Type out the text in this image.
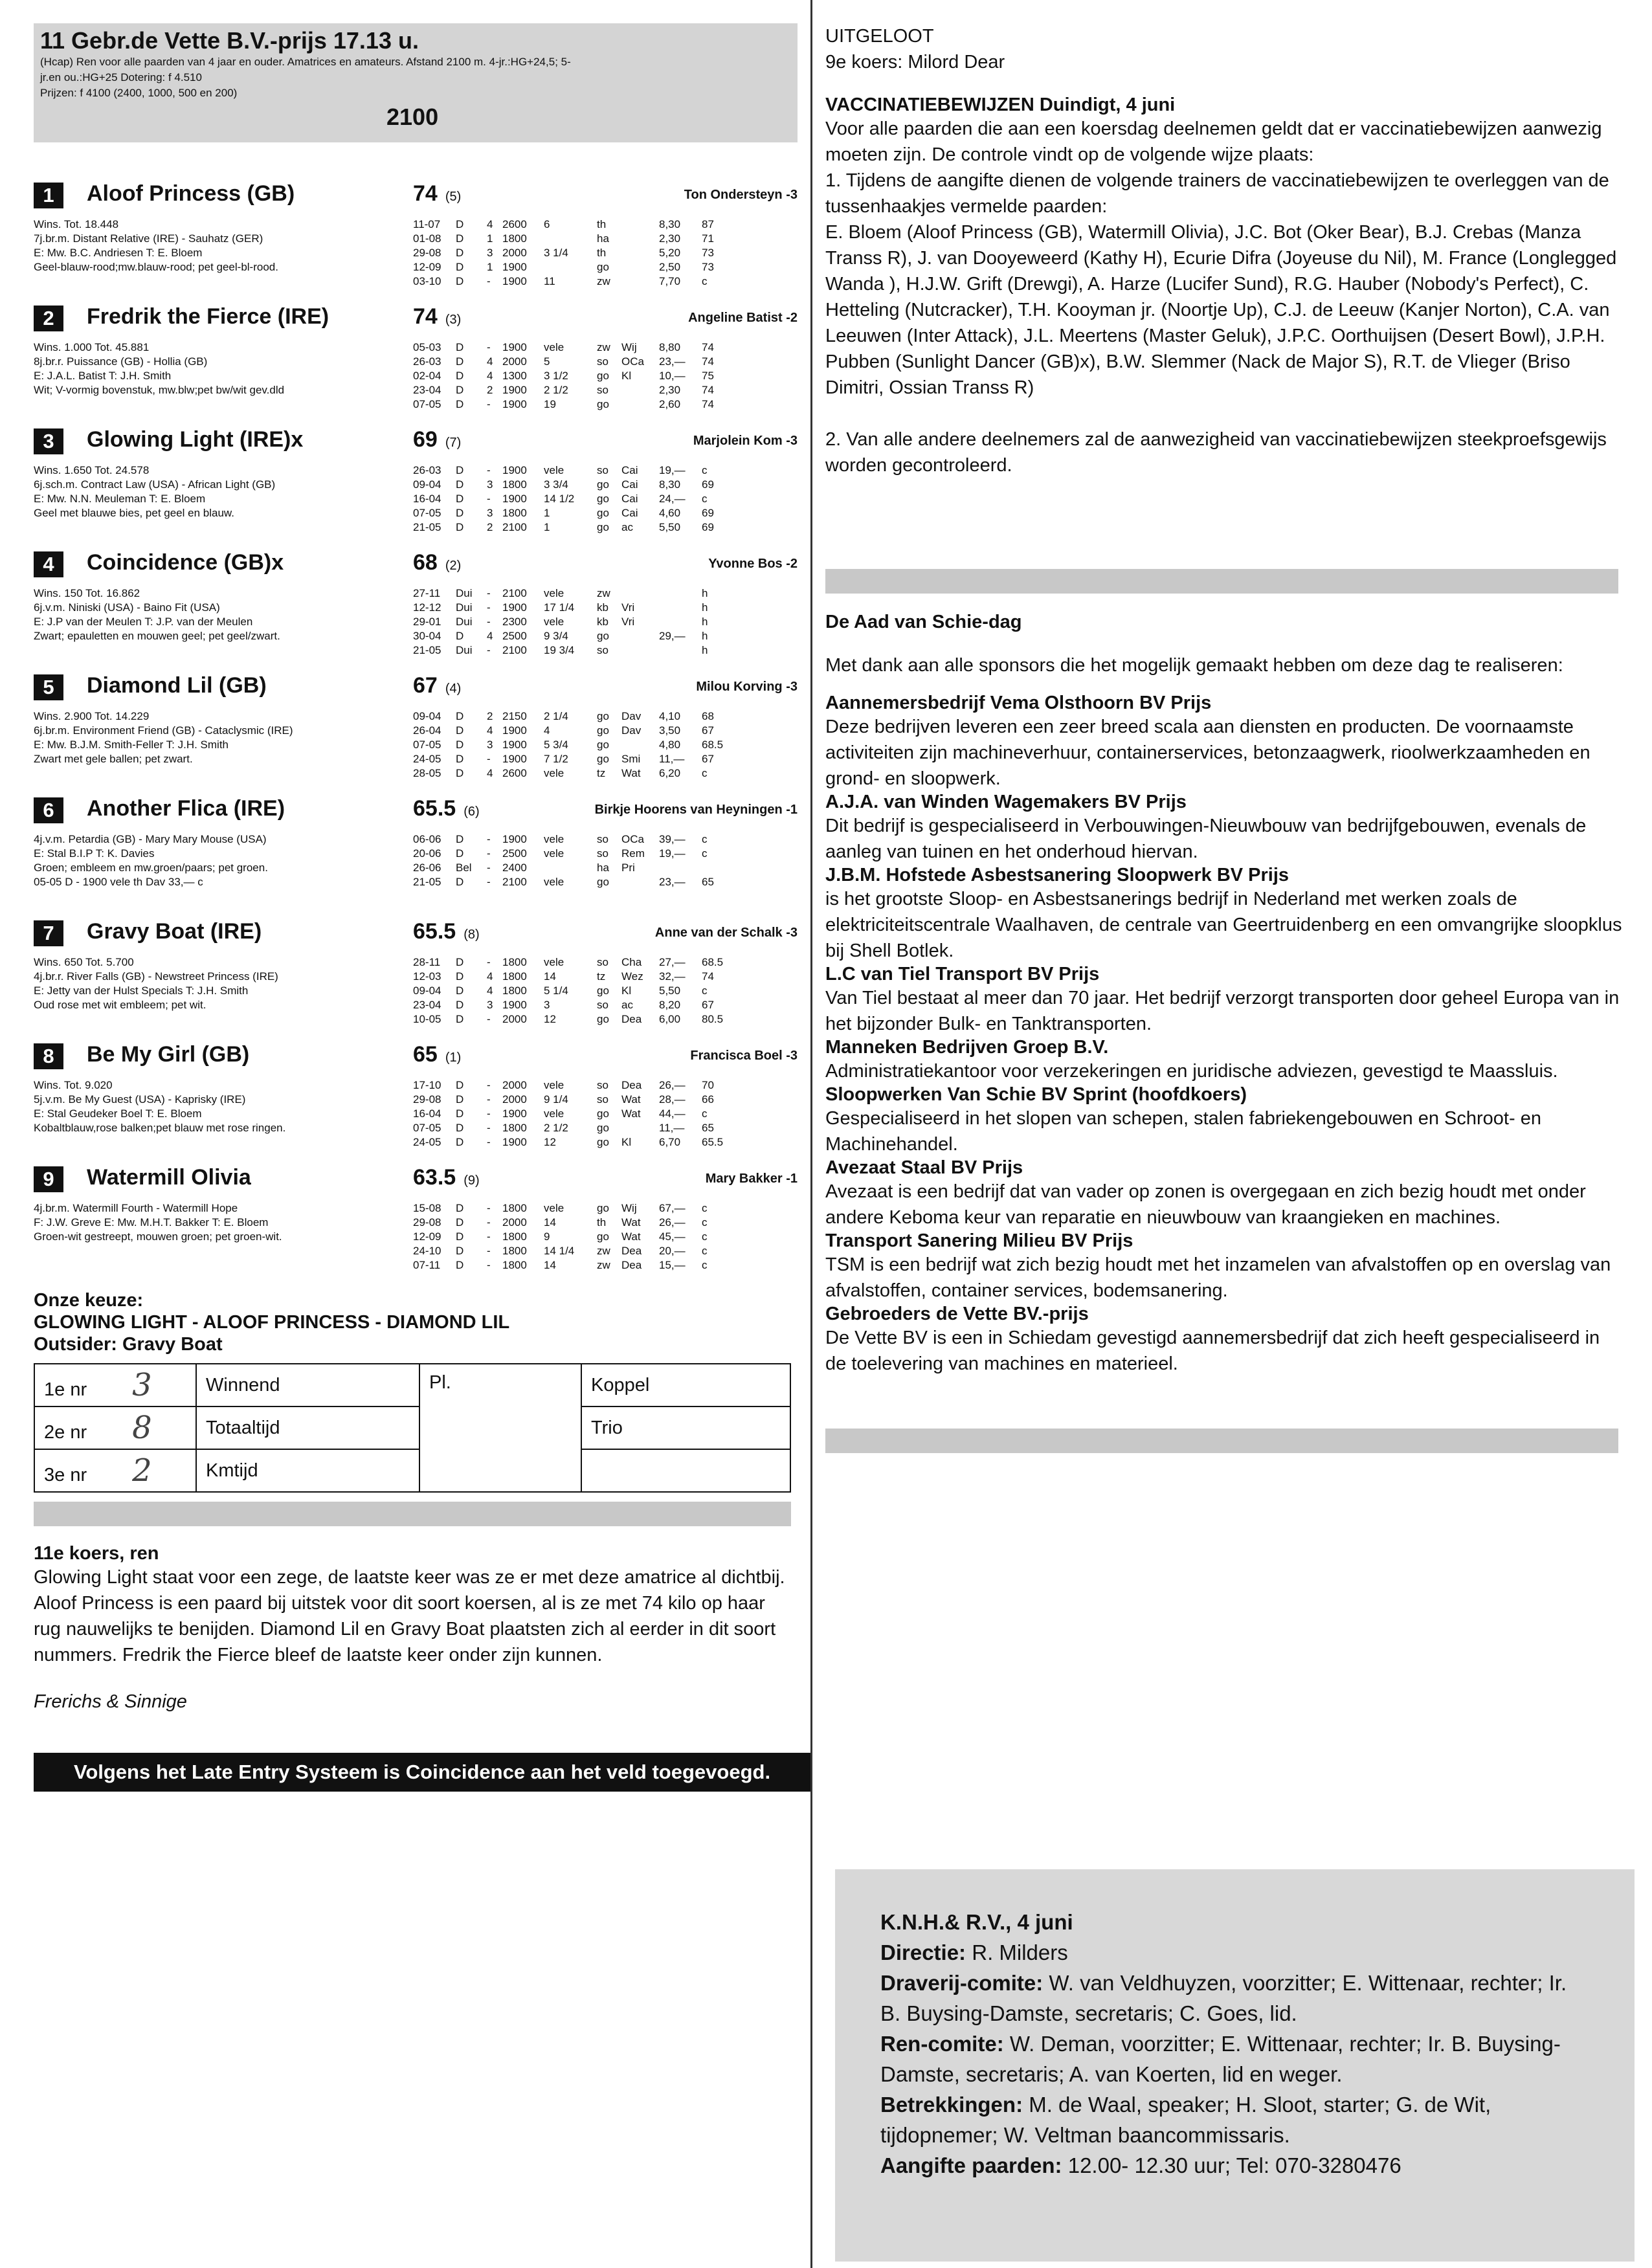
11 Gebr.de Vette B.V.-prijs 17.13 u.
(Hcap) Ren voor alle paarden van 4 jaar en ouder. Amatrices en amateurs. Afstand 2100 m. 4-jr.:HG+24,5; 5-
jr.en ou.:HG+25 Dotering: f 4.510
Prijzen: f 4100 (2400, 1000, 500 en 200)
2100
1	Aloof Princess (GB)	74 (5)	Ton Ondersteyn -3
Wins. Tot. 18.448
7j.br.m. Distant Relative (IRE) - Sauhatz (GER)
E: Mw. B.C. Andriesen T: E. Bloem
Geel-blauw-rood;mw.blauw-rood; pet geel-bl-rood.
11-07	D	4 2600	6	th	8,30	87
01-08	D	1 1800	ha	2,30	71
29-08	D	3 2000	3 1/4	th	5,20	73
12-09	D	1 1900	go	2,50	73
03-10	D	-	1900	11	zw	7,70	c
2	Fredrik the Fierce (IRE)	74 (3)	Angeline Batist -2
Wins. 1.000 Tot. 45.881
8j.br.r. Puissance (GB) - Hollia (GB)
E: J.A.L. Batist T: J.H. Smith
Wit; V-vormig bovenstuk, mw.blw;pet bw/wit gev.dld
05-03	D	-	1900	vele	zw	Wij	8,80	74
26-03	D	4 2000	5	so	OCa	23,—	74
02-04	D	4 1300	3 1/2	go	Kl	10,—	75
23-04	D	2 1900	2 1/2	so	2,30	74
07-05	D	-	1900	19	go	2,60	74
3	Glowing Light (IRE)x	69 (7)	Marjolein Kom -3
Wins. 1.650 Tot. 24.578
6j.sch.m. Contract Law (USA) - African Light (GB)
E: Mw. N.N. Meuleman T: E. Bloem
Geel met blauwe bies, pet geel en blauw.
26-03	D	-	1900	vele	so	Cai	19,—	c
09-04	D	3 1800	3 3/4	go	Cai	8,30	69
16-04	D	-	1900	14 1/2	go	Cai	24,—	c
07-05	D	3 1800	1	go	Cai	4,60	69
21-05	D	2 2100	1	go	ac	5,50	69
4	Coincidence (GB)x	68 (2)	Yvonne Bos -2
Wins. 150 Tot. 16.862
6j.v.m. Niniski (USA) - Baino Fit (USA)
E: J.P van der Meulen T: J.P. van der Meulen
Zwart; epauletten en mouwen geel; pet geel/zwart.
27-11	Dui	-	2100	vele	zw	h
12-12	Dui	-	1900	17 1/4	kb	Vri	h
29-01	Dui	-	2300	vele	kb	Vri	h
30-04	D	4 2500	9 3/4	go	29,—	h
21-05	Dui	-	2100	19 3/4	so	h
5	Diamond Lil (GB)	67 (4)	Milou Korving -3
Wins. 2.900 Tot. 14.229
6j.br.m. Environment Friend (GB) - Cataclysmic (IRE)
E: Mw. B.J.M. Smith-Feller T: J.H. Smith
Zwart met gele ballen; pet zwart.
09-04	D	2 2150	2 1/4	go	Dav	4,10	68
26-04	D	4 1900	4	go	Dav	3,50	67
07-05	D	3 1900	5 3/4	go	4,80	68.5
24-05	D	-	1900	7 1/2	go	Smi	11,—	67
28-05	D	4 2600	vele	tz	Wat	6,20	c
6	Another Flica (IRE)	65.5 (6)	Birkje Hoorens van Heyningen -1
4j.v.m. Petardia (GB) - Mary Mary Mouse (USA)
E: Stal B.I.P T: K. Davies
Groen; embleem en mw.groen/paars; pet groen.
05-05 D - 1900 vele th Dav 33,— c
06-06	D	-	1900	vele	so	OCa	39,—	c
20-06	D	-	2500	vele	so	Rem	19,—	c
26-06	Bel	-	2400	ha	Pri
21-05	D	-	2100	vele	go	23,—	65
7	Gravy Boat (IRE)	65.5 (8)	Anne van der Schalk -3
Wins. 650 Tot. 5.700
4j.br.r. River Falls (GB) - Newstreet Princess (IRE)
E: Jetty van der Hulst Specials T: J.H. Smith
Oud rose met wit embleem; pet wit.
28-11	D	-	1800	vele	so	Cha	27,—	68.5
12-03	D	4 1800	14	tz	Wez	32,—	74
09-04	D	4 1800	5 1/4	go	Kl	5,50	c
23-04	D	3 1900	3	so	ac	8,20	67
10-05	D	-	2000	12	go	Dea	6,00	80.5
8	Be My Girl (GB)	65 (1)	Francisca Boel -3
Wins. Tot. 9.020
5j.v.m. Be My Guest (USA) - Kaprisky (IRE)
E: Stal Geudeker Boel T: E. Bloem
Kobaltblauw,rose balken;pet blauw met rose ringen.
17-10	D	-	2000	vele	so	Dea	26,—	70
29-08	D	-	2000	9 1/4	so	Wat	28,—	66
16-04	D	-	1900	vele	go	Wat	44,—	c
07-05	D	-	1800	2 1/2	go	11,—	65
24-05	D	-	1900	12	go	Kl	6,70	65.5
9	Watermill Olivia	63.5 (9)	Mary Bakker -1
4j.br.m. Watermill Fourth - Watermill Hope
F: J.W. Greve E: Mw. M.H.T. Bakker T: E. Bloem
Groen-wit gestreept, mouwen groen; pet groen-wit.
15-08	D	-	1800	vele	go	Wij	67,—	c
29-08	D	-	2000	14	th	Wat	26,—	c
12-09	D	-	1800	9	go	Wat	45,—	c
24-10	D	-	1800	14 1/4	zw	Dea	20,—	c
07-11	D	-	1800	14	zw	Dea	15,—	c
Onze keuze:
GLOWING LIGHT - ALOOF PRINCESS - DIAMOND LIL
Outsider: Gravy Boat
1e nr 3	Winnend	Pl.	Koppel
2e nr 8	Totaaltijd		Trio
3e nr 2	Kmtijd		
11e koers, ren
Glowing Light staat voor een zege, de laatste keer was ze er met deze amatrice al dichtbij. Aloof Princess is een paard bij uitstek voor dit soort koersen, al is ze met 74 kilo op haar rug nauwelijks te benijden. Diamond Lil en Gravy Boat plaatsten zich al eerder in dit soort nummers. Fredrik the Fierce bleef de laatste keer onder zijn kunnen.
Frerichs & Sinnige
Volgens het Late Entry Systeem is Coincidence aan het veld toegevoegd.
UITGELOOT
9e koers: Milord Dear
VACCINATIEBEWIJZEN Duindigt, 4 juni
Voor alle paarden die aan een koersdag deelnemen geldt dat er vaccinatiebewijzen aanwezig moeten zijn. De controle vindt op de volgende wijze plaats:
1. Tijdens de aangifte dienen de volgende trainers de vaccinatiebewijzen te overleggen van de tussenhaakjes vermelde paarden:
E. Bloem (Aloof Princess (GB), Watermill Olivia), J.C. Bot (Oker Bear), B.J. Crebas (Manza Transs R), J. van Dooyeweerd (Kathy H), Ecurie Difra (Joyeuse du Nil), M. France (Longlegged Wanda ), H.J.W. Grift (Drewgi), A. Harze (Lucifer Sund), R.G. Hauber (Nobody's Perfect), C. Hetteling (Nutcracker), T.H. Kooyman jr. (Noortje Up), C.J. de Leeuw (Kanjer Norton), C.A. van Leeuwen (Inter Attack), J.L. Meertens (Master Geluk), J.P.C. Oorthuijsen (Desert Bowl), J.P.H. Pubben (Sunlight Dancer (GB)x), B.W. Slemmer (Nack de Major S), R.T. de Vlieger (Briso Dimitri, Ossian Transs R)
2. Van alle andere deelnemers zal de aanwezigheid van vaccinatiebewijzen steekproefsgewijs worden gecontroleerd.
De Aad van Schie-dag
Met dank aan alle sponsors die het mogelijk gemaakt hebben om deze dag te realiseren:
Aannemersbedrijf Vema Olsthoorn BV Prijs
Deze bedrijven leveren een zeer breed scala aan diensten en producten. De voornaamste activiteiten zijn machineverhuur, containerservices, betonzaagwerk, rioolwerkzaamheden en grond- en sloopwerk.
A.J.A. van Winden Wagemakers BV Prijs
Dit bedrijf is gespecialiseerd in Verbouwingen-Nieuwbouw van bedrijfgebouwen, evenals de aanleg van tuinen en het onderhoud hiervan.
J.B.M. Hofstede Asbestsanering Sloopwerk BV Prijs
is het grootste Sloop- en Asbestsanerings bedrijf in Nederland met werken zoals de elektriciteitscentrale Waalhaven, de centrale van Geertruidenberg en een omvangrijke sloopklus bij Shell Botlek.
L.C van Tiel Transport BV Prijs
Van Tiel bestaat al meer dan 70 jaar. Het bedrijf verzorgt transporten door geheel Europa van in het bijzonder Bulk- en Tanktransporten.
Manneken Bedrijven Groep B.V.
Administratiekantoor voor verzekeringen en juridische adviezen, gevestigd te Maassluis.
Sloopwerken Van Schie BV Sprint (hoofdkoers)
Gespecialiseerd in het slopen van schepen, stalen fabriekengebouwen en Schroot- en Machinehandel.
Avezaat Staal BV Prijs
Avezaat is een bedrijf dat van vader op zonen is overgegaan en zich bezig houdt met onder andere Keboma keur van reparatie en nieuwbouw van kraangieken en machines.
Transport Sanering Milieu BV Prijs
TSM is een bedrijf wat zich bezig houdt met het inzamelen van afvalstoffen op en overslag van afvalstoffen, container services, bodemsanering.
Gebroeders de Vette BV.-prijs
De Vette BV is een in Schiedam gevestigd aannemersbedrijf dat zich heeft gespecialiseerd in de toelevering van machines en materieel.
K.N.H.& R.V., 4 juni
Directie: R. Milders
Draverij-comite: W. van Veldhuyzen, voorzitter; E. Wittenaar, rechter; Ir. B. Buysing-Damste, secretaris; C. Goes, lid.
Ren-comite: W. Deman, voorzitter; E. Wittenaar, rechter; Ir. B. Buysing-Damste, secretaris; A. van Koerten, lid en weger.
Betrekkingen: M. de Waal, speaker; H. Sloot, starter; G. de Wit, tijdopnemer; W. Veltman baancommissaris.
Aangifte paarden: 12.00- 12.30 uur; Tel: 070-3280476
